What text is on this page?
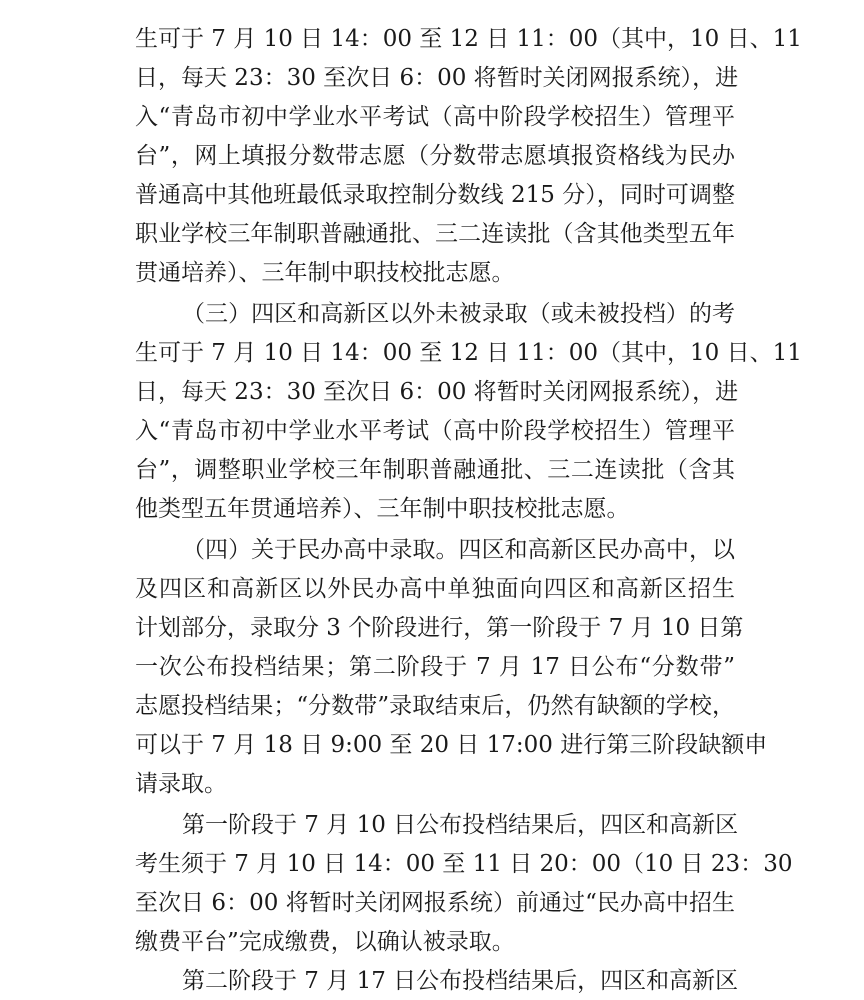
生可于 7 月 10 日 14：00 至 12 日 11：00（其中，10 日、11
日，每天 23：30 至次日 6：00 将暂时关闭网报系统），进
入“青岛市初中学业水平考试（高中阶段学校招生）管理平
台”，网上填报分数带志愿（分数带志愿填报资格线为民办
普通高中其他班最低录取控制分数线 215 分），同时可调整
职业学校三年制职普融通批、三二连读批（含其他类型五年
贯通培养）、三年制中职技校批志愿。
（三）四区和高新区以外未被录取（或未被投档）的考
生可于 7 月 10 日 14：00 至 12 日 11：00（其中，10 日、11
日，每天 23：30 至次日 6：00 将暂时关闭网报系统），进
入“青岛市初中学业水平考试（高中阶段学校招生）管理平
台”，调整职业学校三年制职普融通批、三二连读批（含其
他类型五年贯通培养）、三年制中职技校批志愿。
（四）关于民办高中录取。四区和高新区民办高中，以
及四区和高新区以外民办高中单独面向四区和高新区招生
计划部分，录取分 3 个阶段进行，第一阶段于 7 月 10 日第
一次公布投档结果；第二阶段于 7 月 17 日公布“分数带”
志愿投档结果；“分数带”录取结束后，仍然有缺额的学校，
可以于 7 月 18 日 9:00 至 20 日 17:00 进行第三阶段缺额申
请录取。
第一阶段于 7 月 10 日公布投档结果后，四区和高新区
考生须于 7 月 10 日 14：00 至 11 日 20：00（10 日 23：30
至次日 6：00 将暂时关闭网报系统）前通过“民办高中招生
缴费平台”完成缴费，以确认被录取。
第二阶段于 7 月 17 日公布投档结果后，四区和高新区
